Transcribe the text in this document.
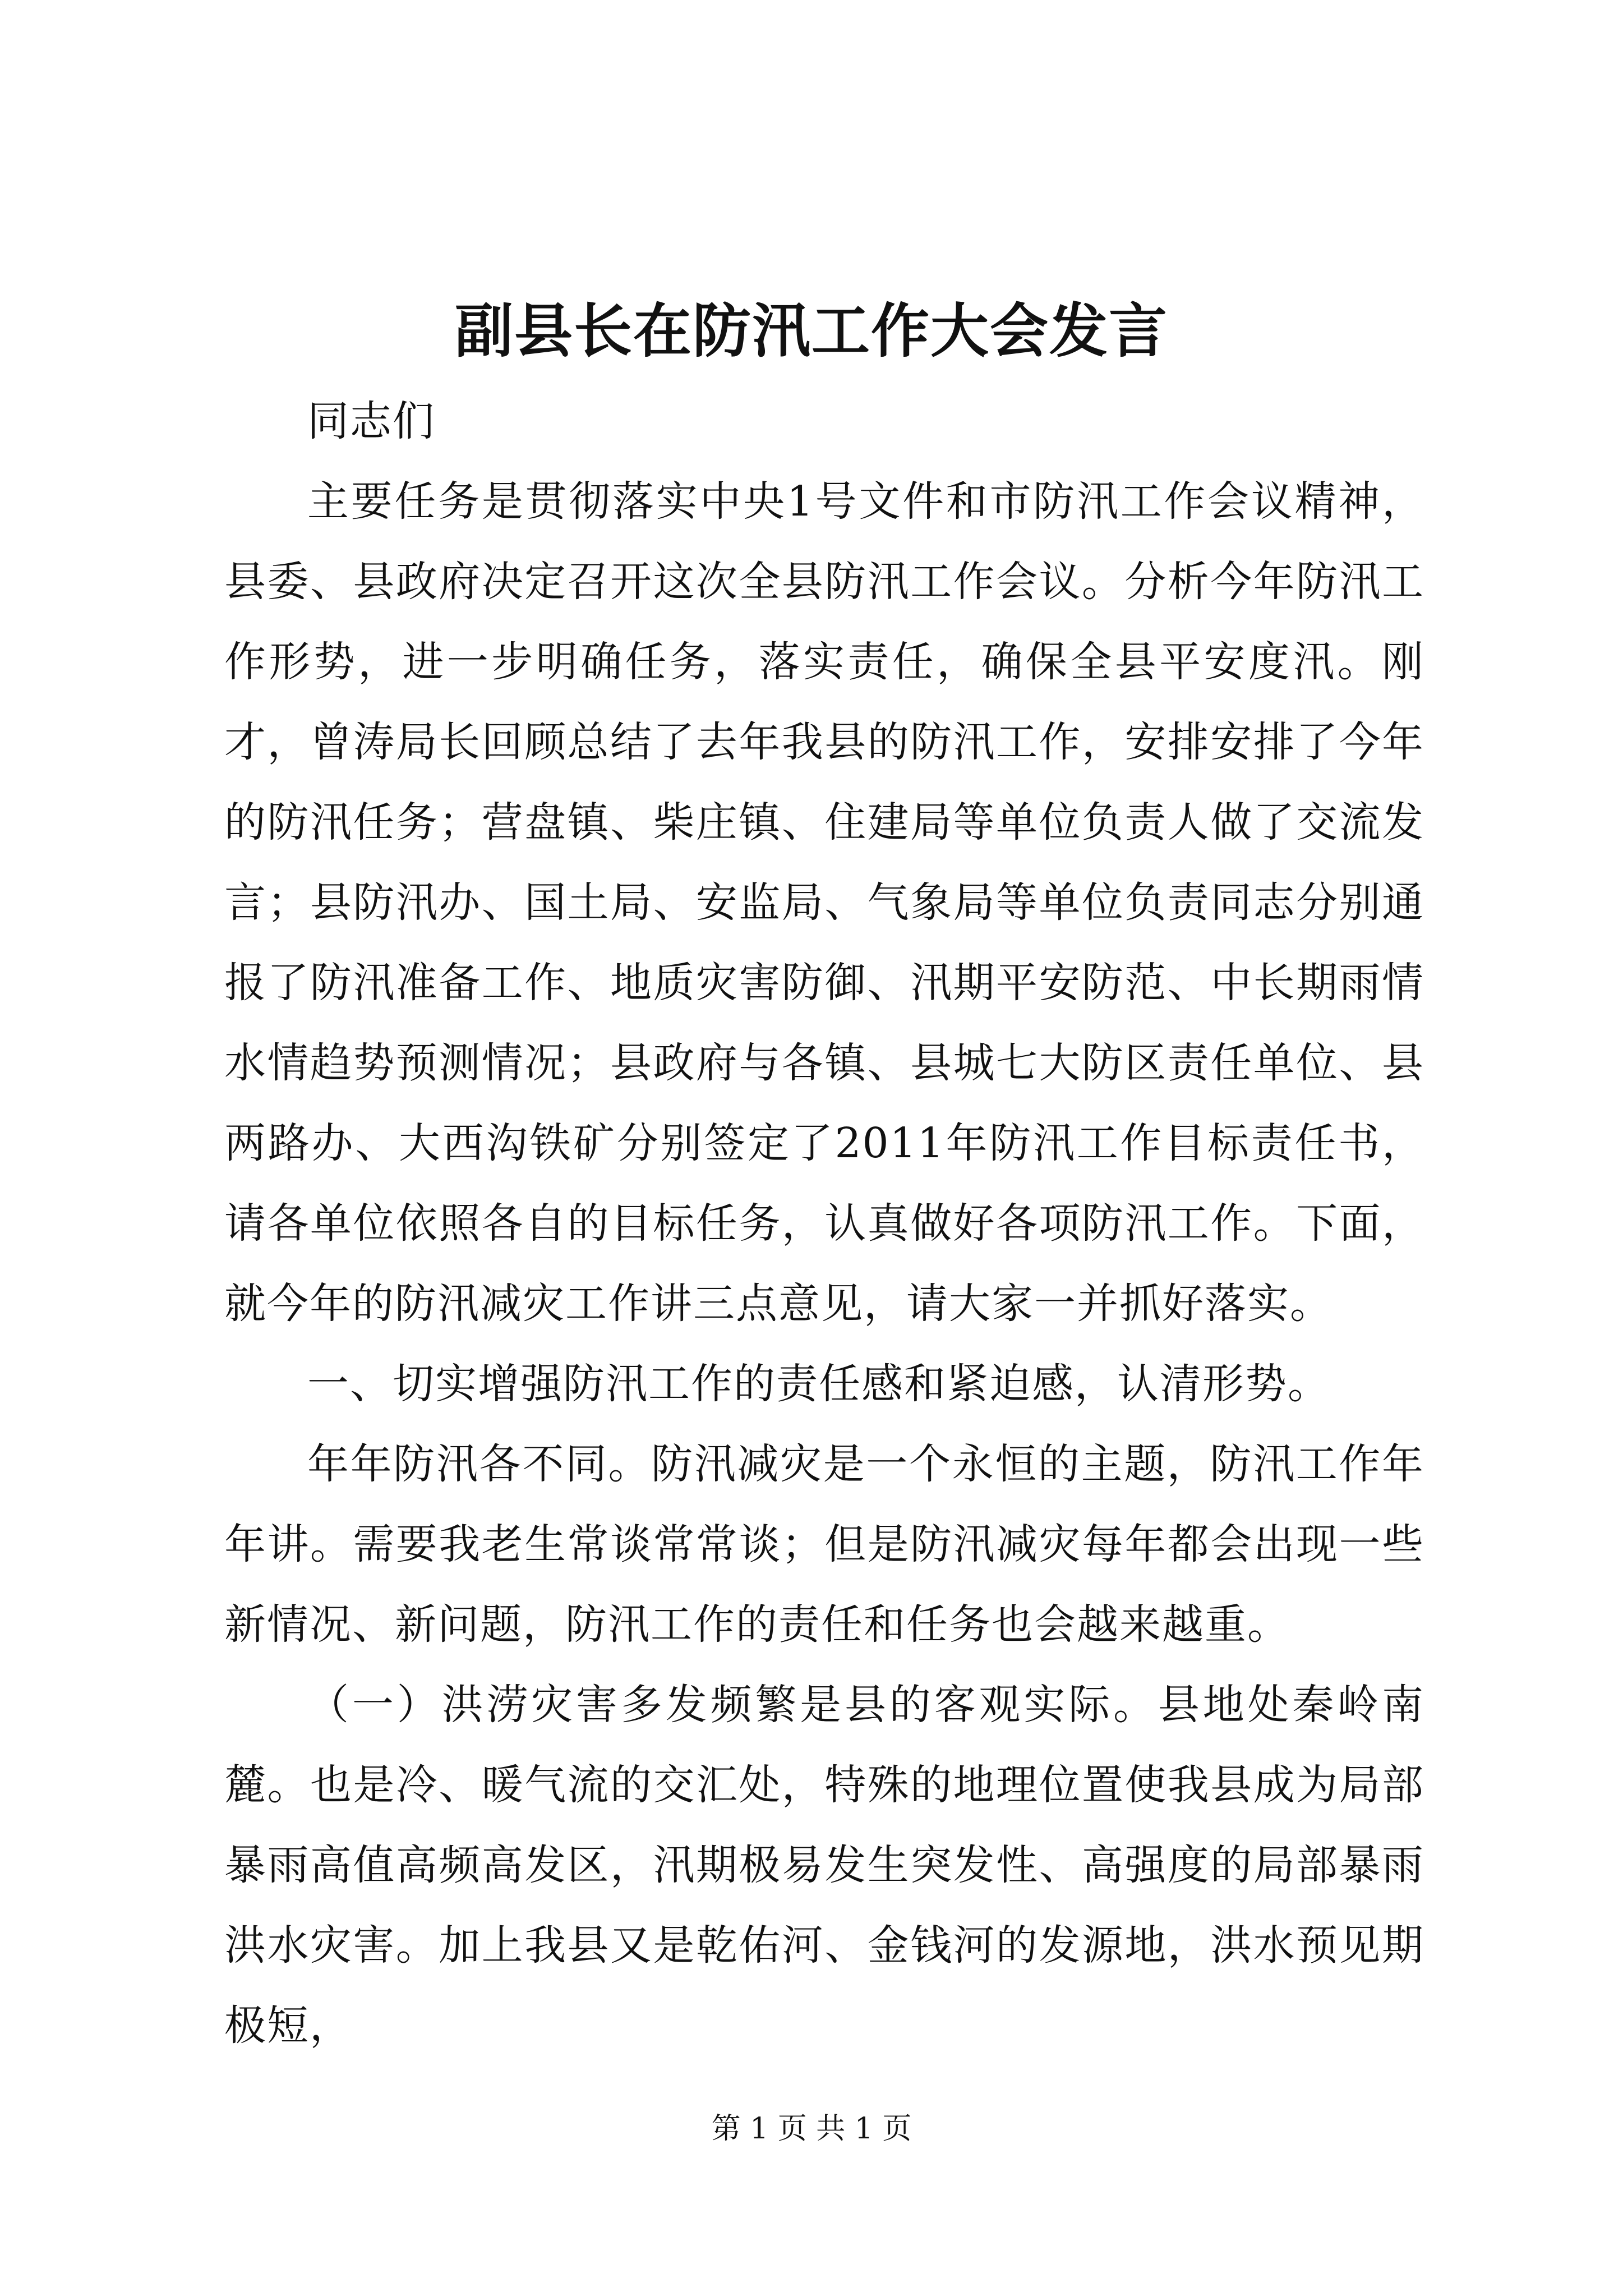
副县长在防汛工作大会发言

同志们

主要任务是贯彻落实中央1号文件和市防汛工作会议精神，县委、县政府决定召开这次全县防汛工作会议。分析今年防汛工作形势，进一步明确任务，落实责任，确保全县平安度汛。刚才，曾涛局长回顾总结了去年我县的防汛工作，安排安排了今年的防汛任务；营盘镇、柴庄镇、住建局等单位负责人做了交流发言；县防汛办、国土局、安监局、气象局等单位负责同志分别通报了防汛准备工作、地质灾害防御、汛期平安防范、中长期雨情水情趋势预测情况；县政府与各镇、县城七大防区责任单位、县两路办、大西沟铁矿分别签定了2011年防汛工作目标责任书，请各单位依照各自的目标任务，认真做好各项防汛工作。下面，就今年的防汛减灾工作讲三点意见，请大家一并抓好落实。

一、切实增强防汛工作的责任感和紧迫感，认清形势。

年年防汛各不同。防汛减灾是一个永恒的主题，防汛工作年年讲。需要我老生常谈常常谈；但是防汛减灾每年都会出现一些新情况、新问题，防汛工作的责任和任务也会越来越重。

（一）洪涝灾害多发频繁是县的客观实际。县地处秦岭南麓。也是冷、暖气流的交汇处，特殊的地理位置使我县成为局部暴雨高值高频高发区，汛期极易发生突发性、高强度的局部暴雨洪水灾害。加上我县又是乾佑河、金钱河的发源地，洪水预见期极短，

第 1 页 共 1 页
